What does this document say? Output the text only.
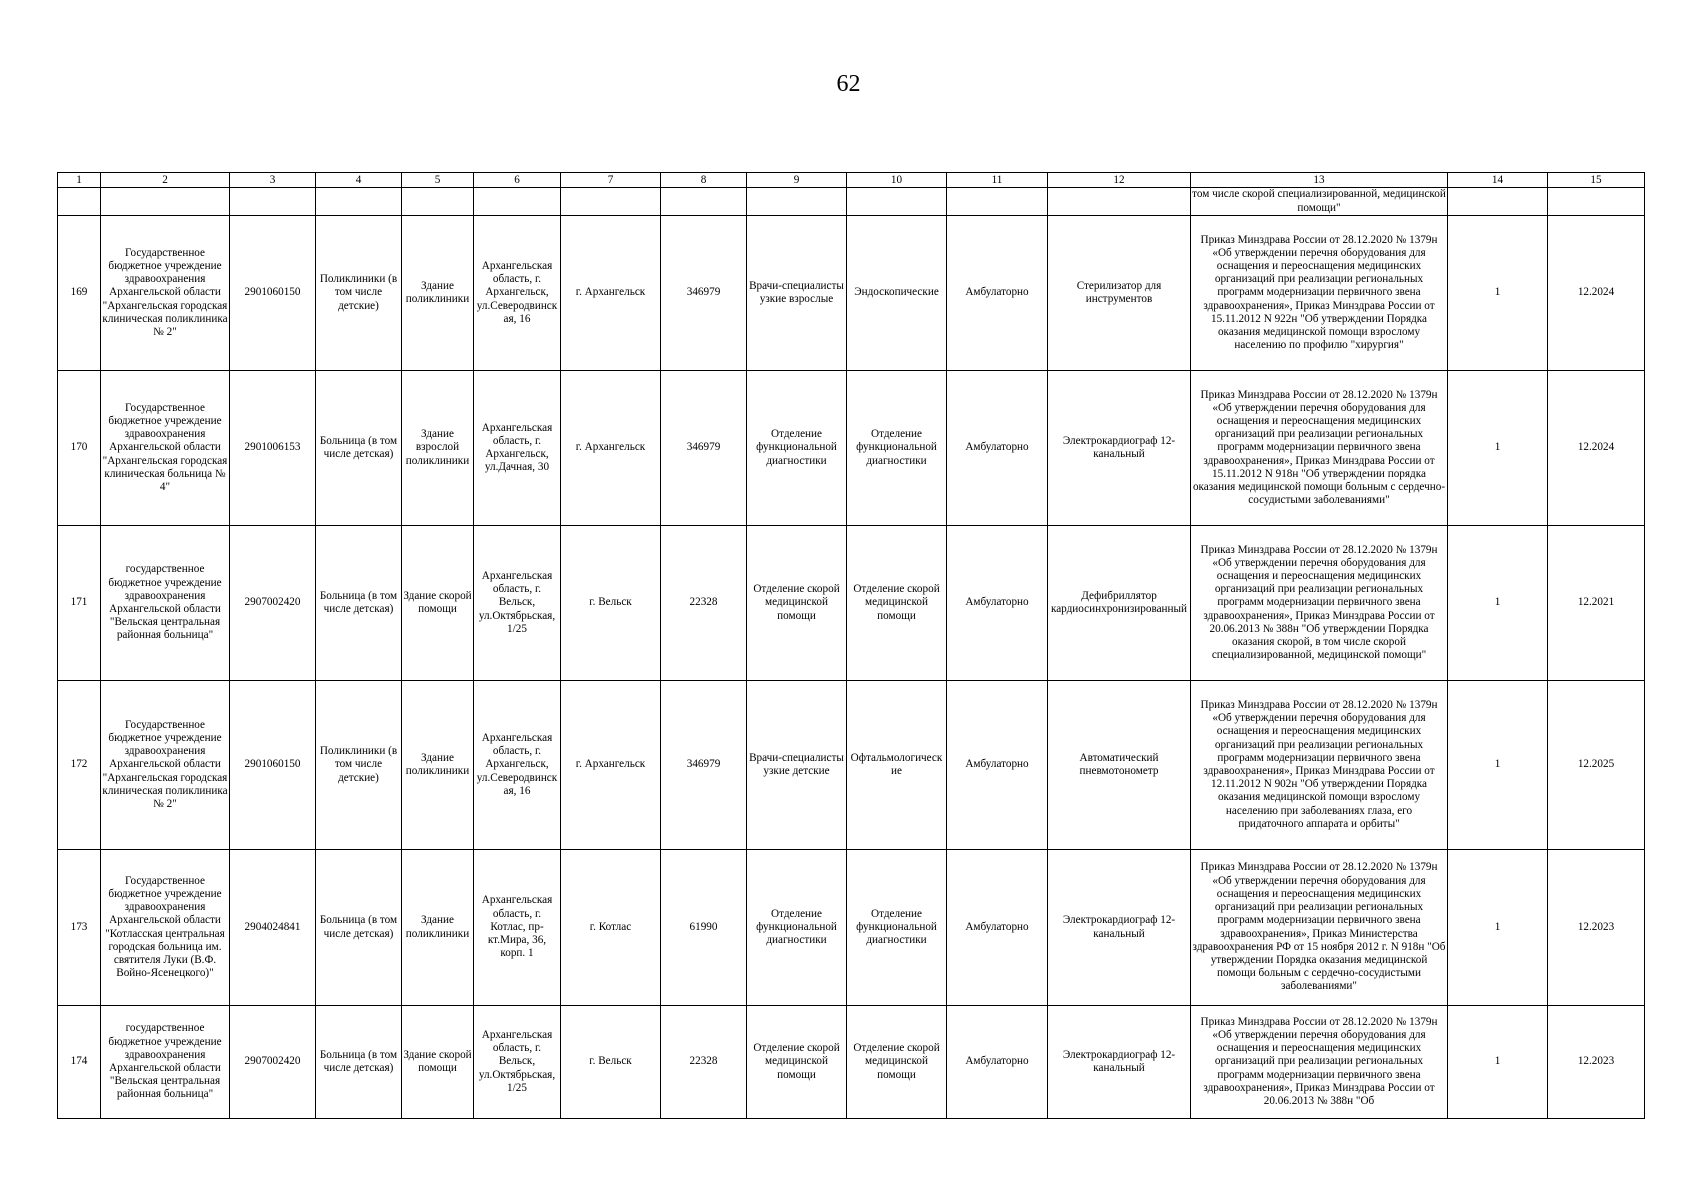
62
1	2	3	4	5	6	7	8	9	10	11	12	13	14	15
												том числе скорой специализированной, медицинской помощи"		
169	Государственное бюджетное учреждение здравоохранения Архангельской области "Архангельская городская клиническая поликлиника № 2"	2901060150	Поликлиники (в том числе детские)	Здание поликлиники	Архангельская область, г. Архангельск, ул.Северодвинская, 16	г. Архангельск	346979	Врачи-специалисты узкие взрослые	Эндоскопические	Амбулаторно	Стерилизатор для инструментов	Приказ Минздрава России от 28.12.2020 № 1379н «Об утверждении перечня оборудования для оснащения и переоснащения медицинских организаций при реализации региональных программ модернизации первичного звена здравоохранения», Приказ Минздрава России от 15.11.2012 N 922н "Об утверждении Порядка оказания медицинской помощи взрослому населению по профилю "хирургия"	1	12.2024
170	Государственное бюджетное учреждение здравоохранения Архангельской области "Архангельская городская клиническая больница № 4"	2901006153	Больница (в том числе детская)	Здание взрослой поликлиники	Архангельская область, г. Архангельск, ул.Дачная, 30	г. Архангельск	346979	Отделение функциональной диагностики	Отделение функциональной диагностики	Амбулаторно	Электрокардиограф 12-канальный	Приказ Минздрава России от 28.12.2020 № 1379н «Об утверждении перечня оборудования для оснащения и переоснащения медицинских организаций при реализации региональных программ модернизации первичного звена здравоохранения», Приказ Минздрава России от 15.11.2012 N 918н "Об утверждении порядка оказания медицинской помощи больным с сердечно-сосудистыми заболеваниями"	1	12.2024
171	государственное бюджетное учреждение здравоохранения Архангельской области "Вельская центральная районная больница"	2907002420	Больница (в том числе детская)	Здание скорой помощи	Архангельская область, г. Вельск, ул.Октябрьская, 1/25	г. Вельск	22328	Отделение скорой медицинской помощи	Отделение скорой медицинской помощи	Амбулаторно	Дефибриллятор кардиосинхронизированный	Приказ Минздрава России от 28.12.2020 № 1379н «Об утверждении перечня оборудования для оснащения и переоснащения медицинских организаций при реализации региональных программ модернизации первичного звена здравоохранения», Приказ Минздрава России от 20.06.2013 № 388н "Об утверждении Порядка оказания скорой, в том числе скорой специализированной, медицинской помощи"	1	12.2021
172	Государственное бюджетное учреждение здравоохранения Архангельской области "Архангельская городская клиническая поликлиника № 2"	2901060150	Поликлиники (в том числе детские)	Здание поликлиники	Архангельская область, г. Архангельск, ул.Северодвинская, 16	г. Архангельск	346979	Врачи-специалисты узкие детские	Офтальмологические	Амбулаторно	Автоматический пневмотонометр	Приказ Минздрава России от 28.12.2020 № 1379н «Об утверждении перечня оборудования для оснащения и переоснащения медицинских организаций при реализации региональных программ модернизации первичного звена здравоохранения», Приказ Минздрава России от 12.11.2012 N 902н "Об утверждении Порядка оказания медицинской помощи взрослому населению при заболеваниях глаза, его придаточного аппарата и орбиты"	1	12.2025
173	Государственное бюджетное учреждение здравоохранения Архангельской области "Котласская центральная городская больница им. святителя Луки (В.Ф. Войно-Ясенецкого)"	2904024841	Больница (в том числе детская)	Здание поликлиники	Архангельская область, г. Котлас, пр-кт.Мира, 36, корп. 1	г. Котлас	61990	Отделение функциональной диагностики	Отделение функциональной диагностики	Амбулаторно	Электрокардиограф 12-канальный	Приказ Минздрава России от 28.12.2020 № 1379н «Об утверждении перечня оборудования для оснащения и переоснащения медицинских организаций при реализации региональных программ модернизации первичного звена здравоохранения», Приказ Министерства здравоохранения РФ от 15 ноября 2012 г. N 918н "Об утверждении Порядка оказания медицинской помощи больным с сердечно-сосудистыми заболеваниями"	1	12.2023
174	государственное бюджетное учреждение здравоохранения Архангельской области "Вельская центральная районная больница"	2907002420	Больница (в том числе детская)	Здание скорой помощи	Архангельская область, г. Вельск, ул.Октябрьская, 1/25	г. Вельск	22328	Отделение скорой медицинской помощи	Отделение скорой медицинской помощи	Амбулаторно	Электрокардиограф 12-канальный	Приказ Минздрава России от 28.12.2020 № 1379н «Об утверждении перечня оборудования для оснащения и переоснащения медицинских организаций при реализации региональных программ модернизации первичного звена здравоохранения», Приказ Минздрава России от 20.06.2013 № 388н "Об	1	12.2023
